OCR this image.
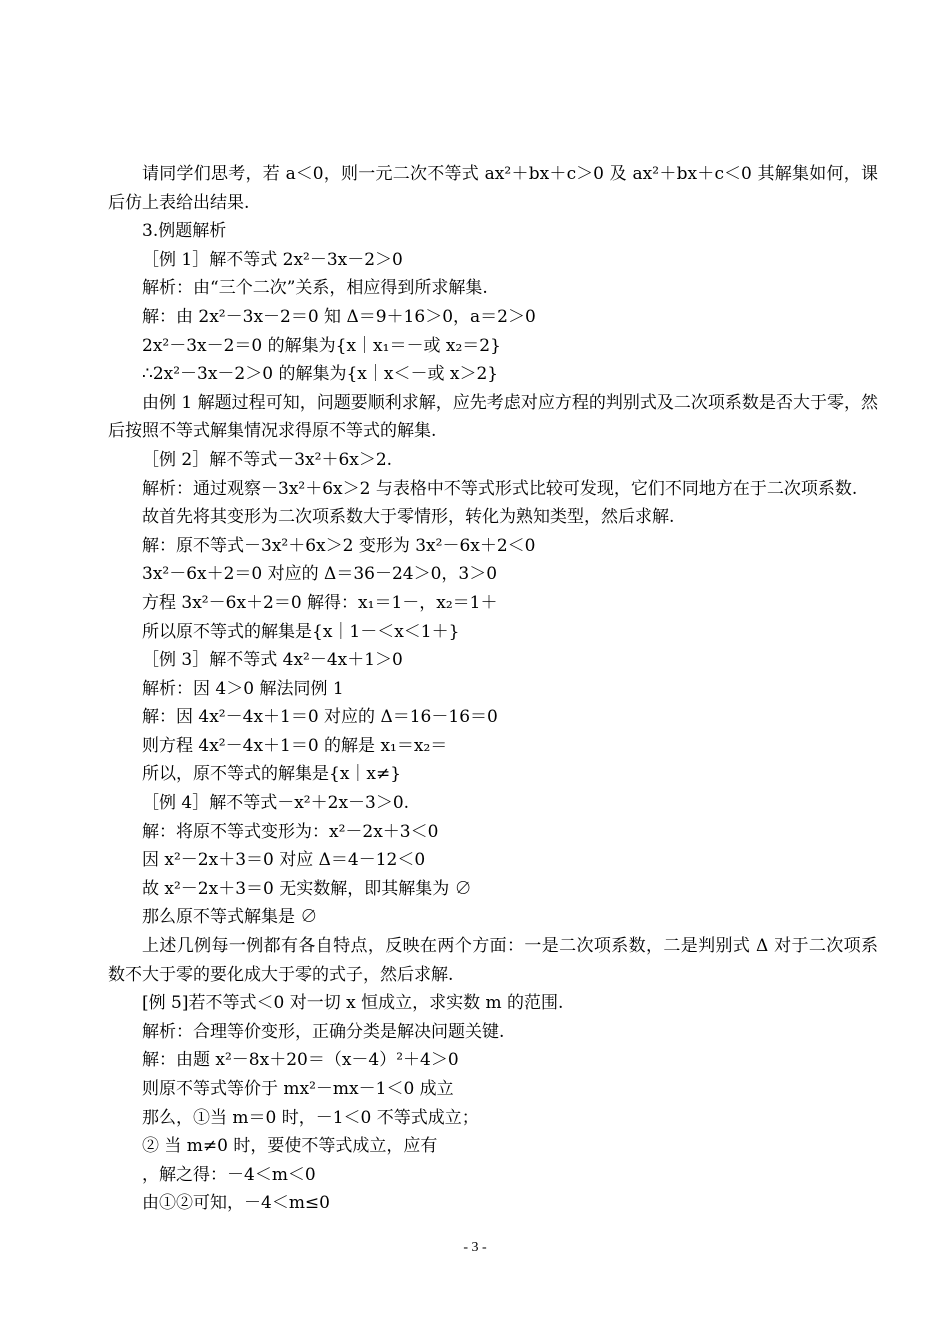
请同学们思考，若 a＜0，则一元二次不等式 ax²＋bx＋c＞0 及 ax²＋bx＋c＜0 其解集如何，课后仿上表给出结果.

3.例题解析

［例 1］解不等式 2x²－3x－2＞0

解析：由“三个二次”关系，相应得到所求解集.

解：由 2x²－3x－2＝0 知 Δ＝9＋16＞0，a＝2＞0

2x²－3x－2＝0 的解集为{x｜x₁＝－或 x₂＝2}

∴2x²－3x－2＞0 的解集为{x｜x＜－或 x＞2}

由例 1 解题过程可知，问题要顺利求解，应先考虑对应方程的判别式及二次项系数是否大于零，然后按照不等式解集情况求得原不等式的解集.

［例 2］解不等式－3x²＋6x＞2.

解析：通过观察－3x²＋6x＞2 与表格中不等式形式比较可发现，它们不同地方在于二次项系数.

故首先将其变形为二次项系数大于零情形，转化为熟知类型，然后求解.

解：原不等式－3x²＋6x＞2 变形为 3x²－6x＋2＜0

3x²－6x＋2＝0 对应的 Δ＝36－24＞0，3＞0

方程 3x²－6x＋2＝0 解得：x₁＝1－，x₂＝1＋

所以原不等式的解集是{x｜1－＜x＜1＋}

［例 3］解不等式 4x²－4x＋1＞0

解析：因 4＞0 解法同例 1

解：因 4x²－4x＋1＝0 对应的 Δ＝16－16＝0

则方程 4x²－4x＋1＝0 的解是 x₁＝x₂＝

所以，原不等式的解集是{x｜x≠}

［例 4］解不等式－x²＋2x－3＞0.

解：将原不等式变形为：x²－2x＋3＜0

因 x²－2x＋3＝0 对应 Δ＝4－12＜0

故 x²－2x＋3＝0 无实数解，即其解集为 ∅

那么原不等式解集是 ∅

上述几例每一例都有各自特点，反映在两个方面：一是二次项系数，二是判别式 Δ 对于二次项系数不大于零的要化成大于零的式子，然后求解.

[例 5]若不等式＜0 对一切 x 恒成立，求实数 m 的范围.

解析：合理等价变形，正确分类是解决问题关键.

解：由题 x²－8x＋20＝（x－4）²＋4＞0

则原不等式等价于 mx²－mx－1＜0 成立

那么，①当 m＝0 时，－1＜0 不等式成立；

② 当 m≠0 时，要使不等式成立，应有

，解之得：－4＜m＜0

由①②可知，－4＜m≤0

- 3 -
